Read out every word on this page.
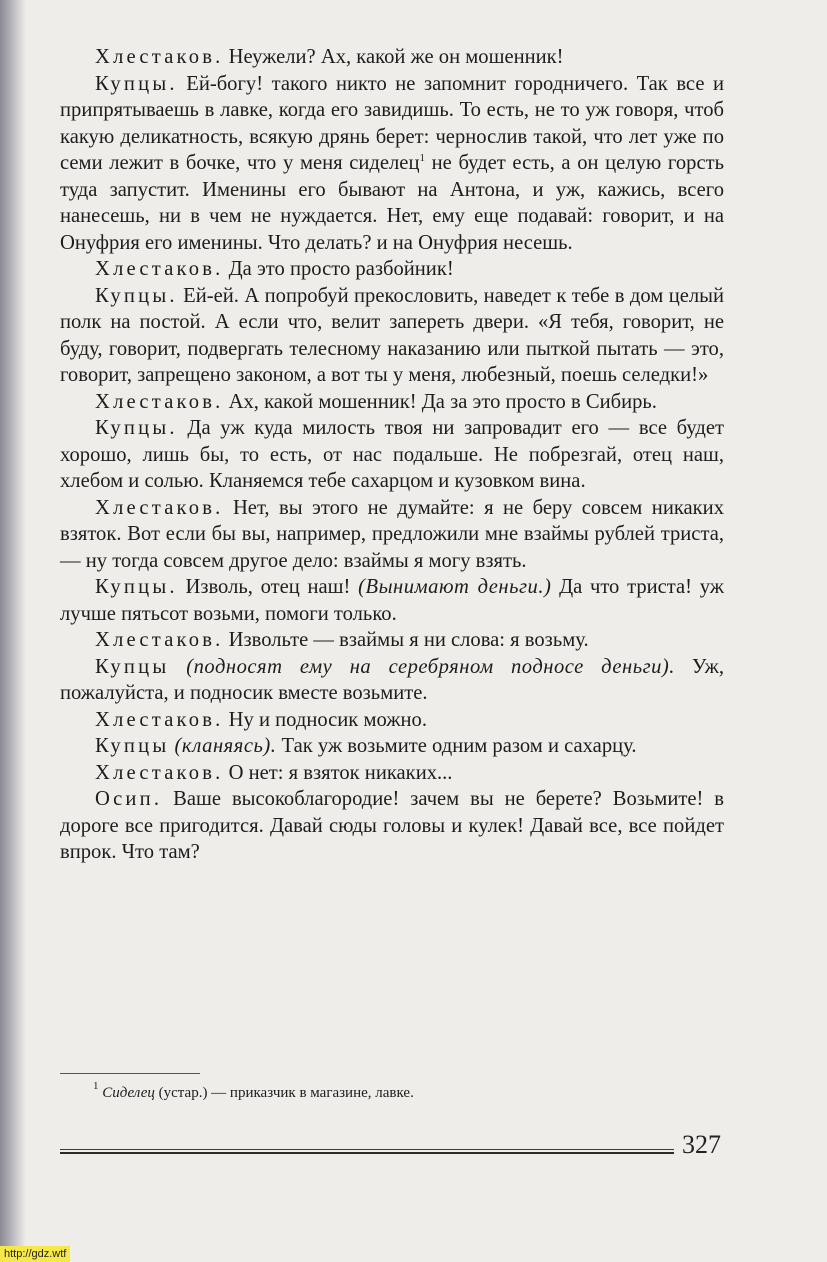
Хлестаков. Неужели? Ах, какой же он мошенник!

Купцы. Ей-богу! такого никто не запомнит городничего. Так все и припрятываешь в лавке, когда его завидишь. То есть, не то уж говоря, чтоб какую деликатность, всякую дрянь берет: чернослив такой, что лет уже по семи лежит в бочке, что у меня сиделец$^1$ не будет есть, а он целую горсть туда запустит. Именины его бывают на Антона, и уж, кажись, всего нанесешь, ни в чем не нуждается. Нет, ему еще подавай: говорит, и на Онуфрия его именины. Что делать? и на Онуфрия несешь.

Хлестаков. Да это просто разбойник!

Купцы. Ей-ей. А попробуй прекословить, наведет к тебе в дом целый полк на постой. А если что, велит запереть двери. «Я тебя, говорит, не буду, говорит, подвергать телесному наказанию или пыткой пытать — это, говорит, запрещено законом, а вот ты у меня, любезный, поешь селедки!»

Хлестаков. Ах, какой мошенник! Да за это просто в Сибирь.

Купцы. Да уж куда милость твоя ни запровадит его — все будет хорошо, лишь бы, то есть, от нас подальше. Не побрезгай, отец наш, хлебом и солью. Кланяемся тебе сахарцом и кузовком вина.

Хлестаков. Нет, вы этого не думайте: я не беру совсем никаких взяток. Вот если бы вы, например, предложили мне взаймы рублей триста, — ну тогда совсем другое дело: взаймы я могу взять.

Купцы. Изволь, отец наш! (Вынимают деньги.) Да что триста! уж лучше пятьсот возьми, помоги только.

Хлестаков. Извольте — взаймы я ни слова: я возьму.

Купцы (подносят ему на серебряном подносе деньги). Уж, пожалуйста, и подносик вместе возьмите.

Хлестаков. Ну и подносик можно.

Купцы (кланяясь). Так уж возьмите одним разом и сахарцу.

Хлестаков. О нет: я взяток никаких...

Осип. Ваше высокоблагородие! зачем вы не берете? Возьмите! в дороге все пригодится. Давай сюды головы и кулек! Давай все, все пойдет впрок. Что там?

$^1$ Сиделец (устар.) — приказчик в магазине, лавке.
327
http://gdz.wtf
